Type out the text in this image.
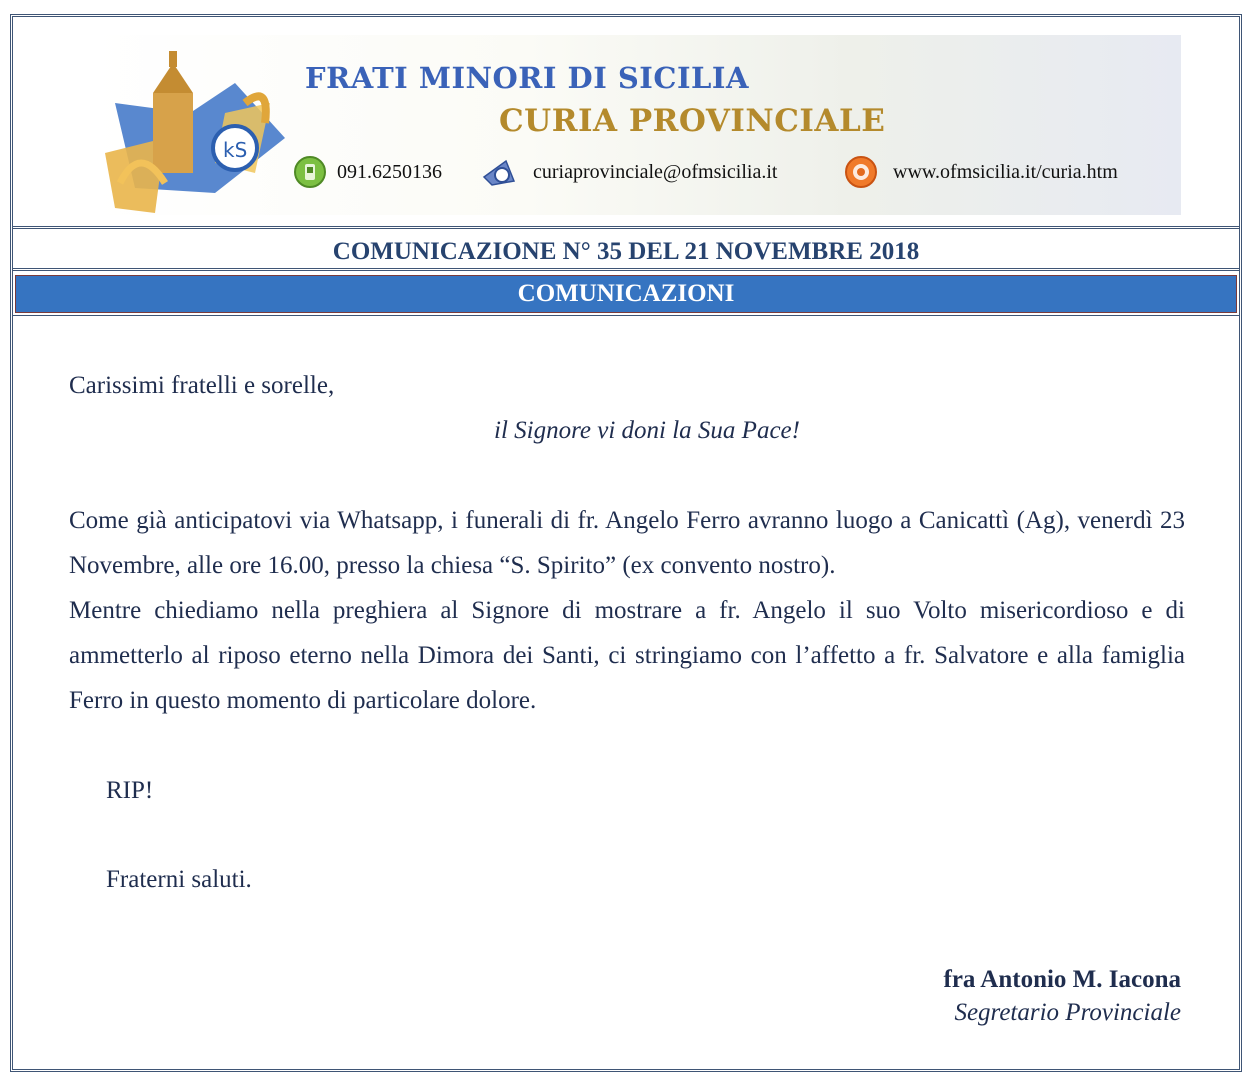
kS
FRATI MINORI DI SICILIA
CURIA PROVINCIALE
091.6250136	curiaprovinciale@ofmsicilia.it	www.ofmsicilia.it/curia.htm
COMUNICAZIONE N° 35 DEL 21 NOVEMBRE 2018
COMUNICAZIONI

Carissimi fratelli e sorelle,

il Signore vi doni la Sua Pace!

Come già anticipatovi via Whatsapp, i funerali di fr. Angelo Ferro avranno luogo a Canicattì (Ag), venerdì 23 Novembre, alle ore 16.00, presso la chiesa “S. Spirito” (ex convento nostro).

Mentre chiediamo nella preghiera al Signore di mostrare a fr. Angelo il suo Volto misericordioso e di ammetterlo al riposo eterno nella Dimora dei Santi, ci stringiamo con l’affetto a fr. Salvatore e alla famiglia Ferro in questo momento di particolare dolore.

RIP!

Fraterni saluti.

fra Antonio M. Iacona
Segretario Provinciale
